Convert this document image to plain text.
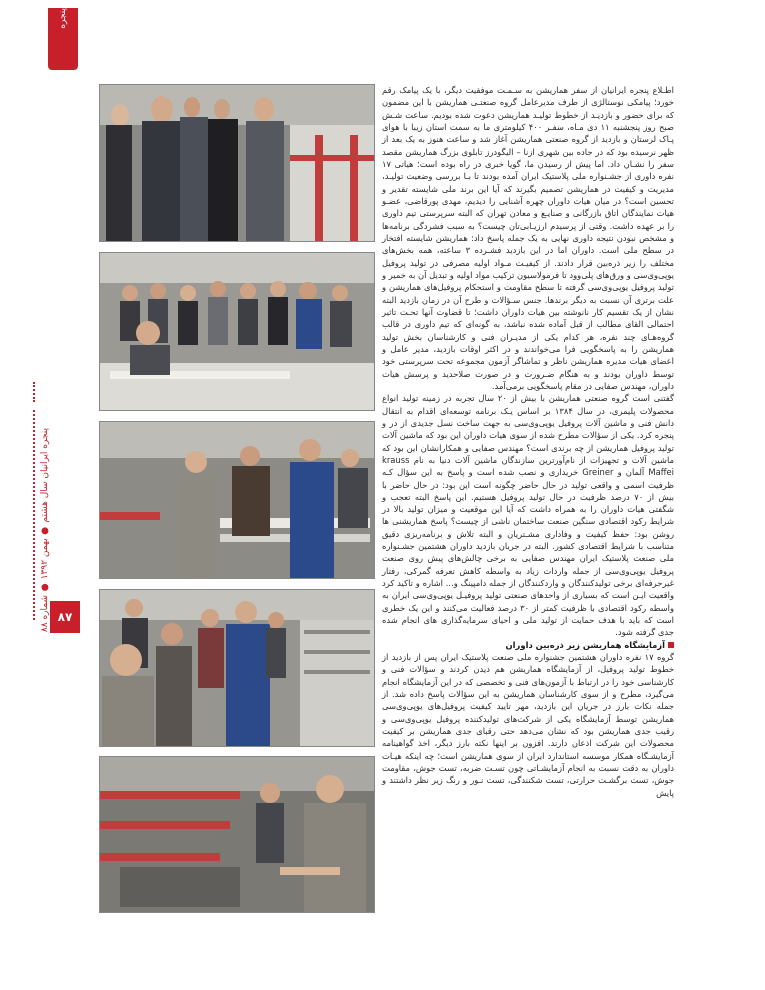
پنجره
پنجره ایرانیان سال هشتم ● بهمن ۱۳۹۲ ● شماره ۸۸
۸۷

اطـلاع پنجره ایرانیان از سفر هماریشن به سـمـت موفقیت دیگر، با یک پیامک رقم خورد؛ پیامکی نوستالژی از طرف مدیرعامل گروه صنعتـی هماریشن با این مضمون که برای حضور و بازدیـد از خطوط تولیـد هماریشن دعوت شده بودیم. ساعت شـش صبح روز پنجشنبه ۱۱ دی مـاه، سفـر ۴۰۰ کیلومتری ما به سمت استان زیبا با هوای پـاک لرستان و بازدید از گروه صنعتی هماریشن آغاز شد و ساعت هنوز به یک بعد از ظهر نرسیده بود که در جاده بین شهری ازنا – الیگودرز تابلوی بزرگ هماریشن مقصد سفر را نشـان داد. اما پیش از رسیدن ما، گویا خبری در راه بوده است؛ هیاتی ۱۷ نفره داوری از جشـنواره ملی پلاستیک ایران آمده بودند تا بـا بررسی وضعیت تولیـد، مدیریت و کیفیت در هماریشن تصمیم بگیرند که آیا این برند ملی شایسته تقدیر و تحسین است؟ در میان هیات داوران چهره آشنایی را دیدیم، مهدی پورقاضی، عضـو هیات نمایندگان اتاق بازرگانی و صنایـع و معادن تهران که البته سرپرستی تیم داوری را بر عهده داشت. وقتی از پرسیدم ارزیـابی‌تان چیست؟ به سبب فشردگی برنامه‌ها و مشخص نبودن نتیجه داوری نهایی به یک جمله پاسخ داد: هماریشن شایسته افتخار در سطح ملی است. داوران اما در این بازدید فشـرده ۳ ساعته، همه بخش‌های مختلف را زیر ذره‌بین قرار دادند. از کیفیـت مـواد اولیه مصرفی در تولید پروفیل یوپی‌وی‌سی و ورق‌های پلی‌وود تا فرمولاسیون ترکیب مواد اولیه و تبدیل آن به خمیر و تولید پروفیل یوپی‌وی‌سی گرفته تا سطح مقاومت و استحکام پروفیل‌های هماریشن و علت برتری آن نسبت به دیگر برندها. جنس سـؤالات و طرح آن در زمان بازدید البته نشان از یک تقسیم کار نانوشته بین هیات داوران داشت؛ تا قضاوت آنها تحـت تاثیر احتمالی القای مطالب از قبل آماده شده نباشد، به گونه‌ای که تیم داوری در قالب گروه‌هـای چند نفره، هر کدام یکی از مدیـران فنی و کارشناسان بخش تولید هماریشن را به پاسخگویی فرا می‌خواندند و در اکثر اوقات بازدید، مدیر عامل و اعضای هیات مدیره هماریشن ناظر و تماشاگر آزمون مجموعه تحت سرپرستی خود توسط داوران بودند و به هنگام ضـرورت و در صورت صلاحدید و پرسش هیات داوران، مهندس صفایی در مقام پاسخگویی برمی‌آمد.

گفتنی است گروه صنعتی هماریشن با بیش از ۲۰ سال تجربه در زمینه تولید انواع محصولات پلیمری، در سال ۱۳۸۴ بر اساس یـک برنامه توسعه‌ای اقدام به انتقال دانش فنی و ماشین آلات پروفیل یوپی‌وی‌سی به جهت ساخت نسل جدیدی از در و پنجره کرد. یکی از سؤالات مطرح شده از سوی هیات داوران این بود که ماشین آلات تولید پروفیل هماریشن از چه برندی است؟ مهندس صفایی و همکارانشان این بود که ماشین آلات و تجهیزات از نام‌آورترین سازندگان ماشین آلات دنیا به نام krauss Maffei آلمان و Greiner خریداری و نصب شده است و پاسخ به این سؤال کـه ظرفیت اسمی و واقعی تولید در حال حاضر چگونه است این بود: در حال حاضر با بیش از ۷۰ درصد ظرفیت در حال تولید پروفیل هستیم. این پاسخ البته تعجب و شگفتی هیات داوران را به همراه داشت که آیا این موقعیت و میزان تولید بالا در شرایط رکود اقتصادی سنگین صنعت ساختمان ناشی از چیست؟ پاسخ هماریشنی ها روشن بود: حفظ کیفیت و وفاداری مشـتریان و البته تلاش و برنامه‌ریزی دقیق متناسب با شرایط اقتصادی کشور. البته در جریان بازدید داوران هشتمین جشـنواره ملی صنعت پلاستیک ایران مهندس صفایی به برخی چالش‌های پیش روی صنعت پروفیل یوپی‌وی‌سی از جمله واردات زیاد به واسطه کاهش تعرفه گمرکی، رفتار غیرحرفه‌ای برخی تولیدکنندگان و واردکنندگان از جمله دامپینگ و... اشاره و تاکید کرد واقعیت ایـن است که بسیاری از واحدهای صنعتی تولید پروفیـل یوپی‌وی‌سی ایران به واسطه رکود اقتصادی با ظرفیت کمتر از ۳۰ درصد فعالیت می‌کنند و این یک خطری است که باید با هدف حمایت از تولید ملی و احیای سرمایه‌گذاری های انجام شده جدی گرفته شود.

آزمایشگاه هماریشن زیر ذره‌بین داوران

گروه ۱۷ نفره داوران هشتمین جشنواره ملی صنعت پلاستیک ایران پس از بازدید از خطوط تولید پروفیل، از آزمایشگاه هماریشن هم دیدن کردند و سؤالات فنی و کارشناسی خود را در ارتباط با آزمون‌های فنی و تخصصی که در این آزمایشگاه انجام می‌گیرد، مطرح و از سوی کارشناسان هماریشن به این سؤالات پاسخ داده شد. از جمله نکات بارز در جریان این بازدید، مهر تایید کیفیت پروفیل‌های یوپی‌وی‌سی هماریشن توسط آزمایشگاه یکی از شرکت‌های تولیدکننده پروفیل یوپی‌وی‌سی و رقیب جدی هماریشن بود که نشان می‌دهد حتی رقبای جدی هماریشن بر کیفیت محصولات این شرکت اذعان دارند. افزون بر اینها نکته بارز دیگر، اخذ گواهینامه آزمایشـگاه همکار موسسه استاندارد ایران از سوی هماریشن است؛ چه اینکه هیـات داوران به دقت نسبت به انجام آزمایشـاتی چون تسـت ضربه، تست جوش، مقاومت جوش، تست برگشـت حرارتی، تست شکنندگی، تست نـور و رنگ زیر نظر داشتند و پایش
